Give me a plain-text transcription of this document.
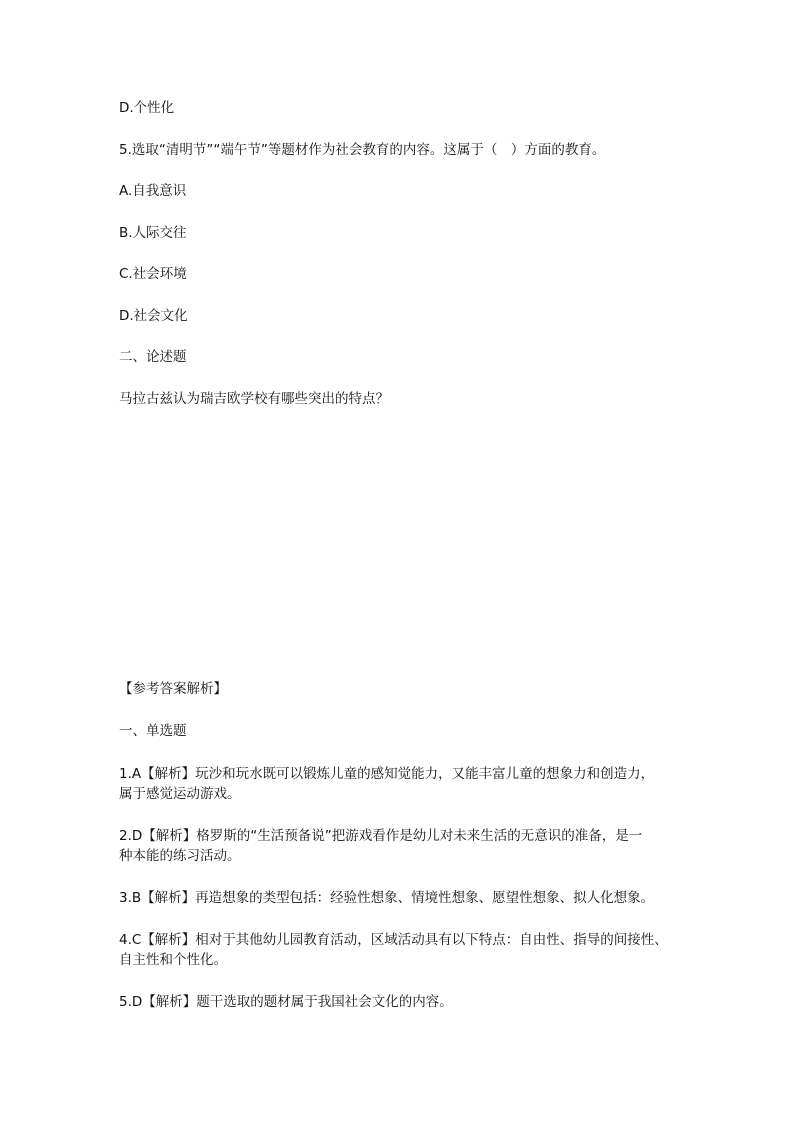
D.个性化
5.选取“清明节”“端午节”等题材作为社会教育的内容。这属于（　）方面的教育。
A.自我意识
B.人际交往
C.社会环境
D.社会文化
二、论述题
马拉古兹认为瑞吉欧学校有哪些突出的特点？
【参考答案解析】
一、单选题
1.A【解析】玩沙和玩水既可以锻炼儿童的感知觉能力，又能丰富儿童的想象力和创造力，
属于感觉运动游戏。
2.D【解析】格罗斯的“生活预备说”把游戏看作是幼儿对未来生活的无意识的准备，是一
种本能的练习活动。
3.B【解析】再造想象的类型包括：经验性想象、情境性想象、愿望性想象、拟人化想象。
4.C【解析】相对于其他幼儿园教育活动，区域活动具有以下特点：自由性、指导的间接性、
自主性和个性化。
5.D【解析】题干选取的题材属于我国社会文化的内容。
